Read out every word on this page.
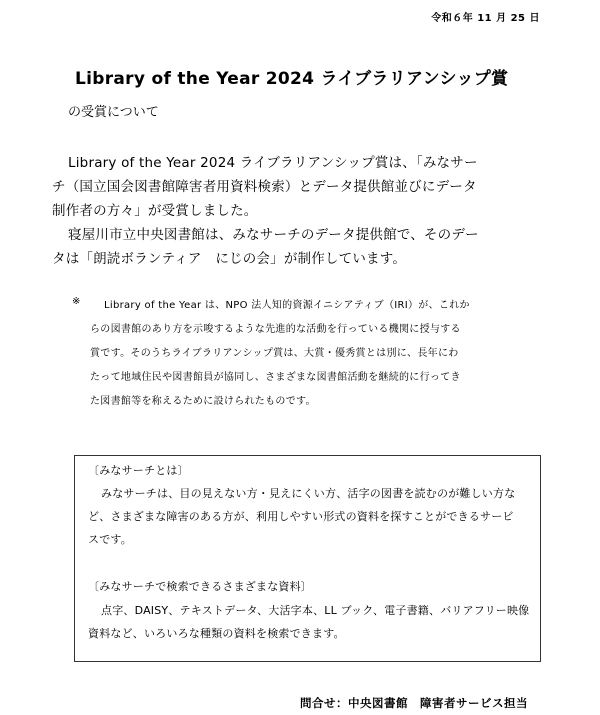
令和６年 11 月 25 日
Library of the Year 2024 ライブラリアンシップ賞
の受賞について
Library of the Year 2024 ライブラリアンシップ賞は、「みなサー
チ（国立国会図書館障害者用資料検索）とデータ提供館並びにデータ
制作者の方々」が受賞しました。
寝屋川市立中央図書館は、みなサーチのデータ提供館で、そのデー
タは「朗読ボランティア　にじの会」が制作しています。
※ Library of the Year は、NPO 法人知的資源イニシアティブ（IRI）が、これか
らの図書館のあり方を示唆するような先進的な活動を行っている機関に授与する
賞です。そのうちライブラリアンシップ賞は、大賞・優秀賞とは別に、長年にわ
たって地域住民や図書館員が協同し、さまざまな図書館活動を継続的に行ってき
た図書館等を称えるために設けられたものです。
〔みなサーチとは〕
みなサーチは、目の見えない方・見えにくい方、活字の図書を読むのが難しい方な
ど、さまざまな障害のある方が、利用しやすい形式の資料を探すことができるサービ
スです。
〔みなサーチで検索できるさまざまな資料〕
点字、DAISY、テキストデータ、大活字本、LL ブック、電子書籍、バリアフリー映像
資料など、いろいろな種類の資料を検索できます。
問合せ：中央図書館　障害者サービス担当
